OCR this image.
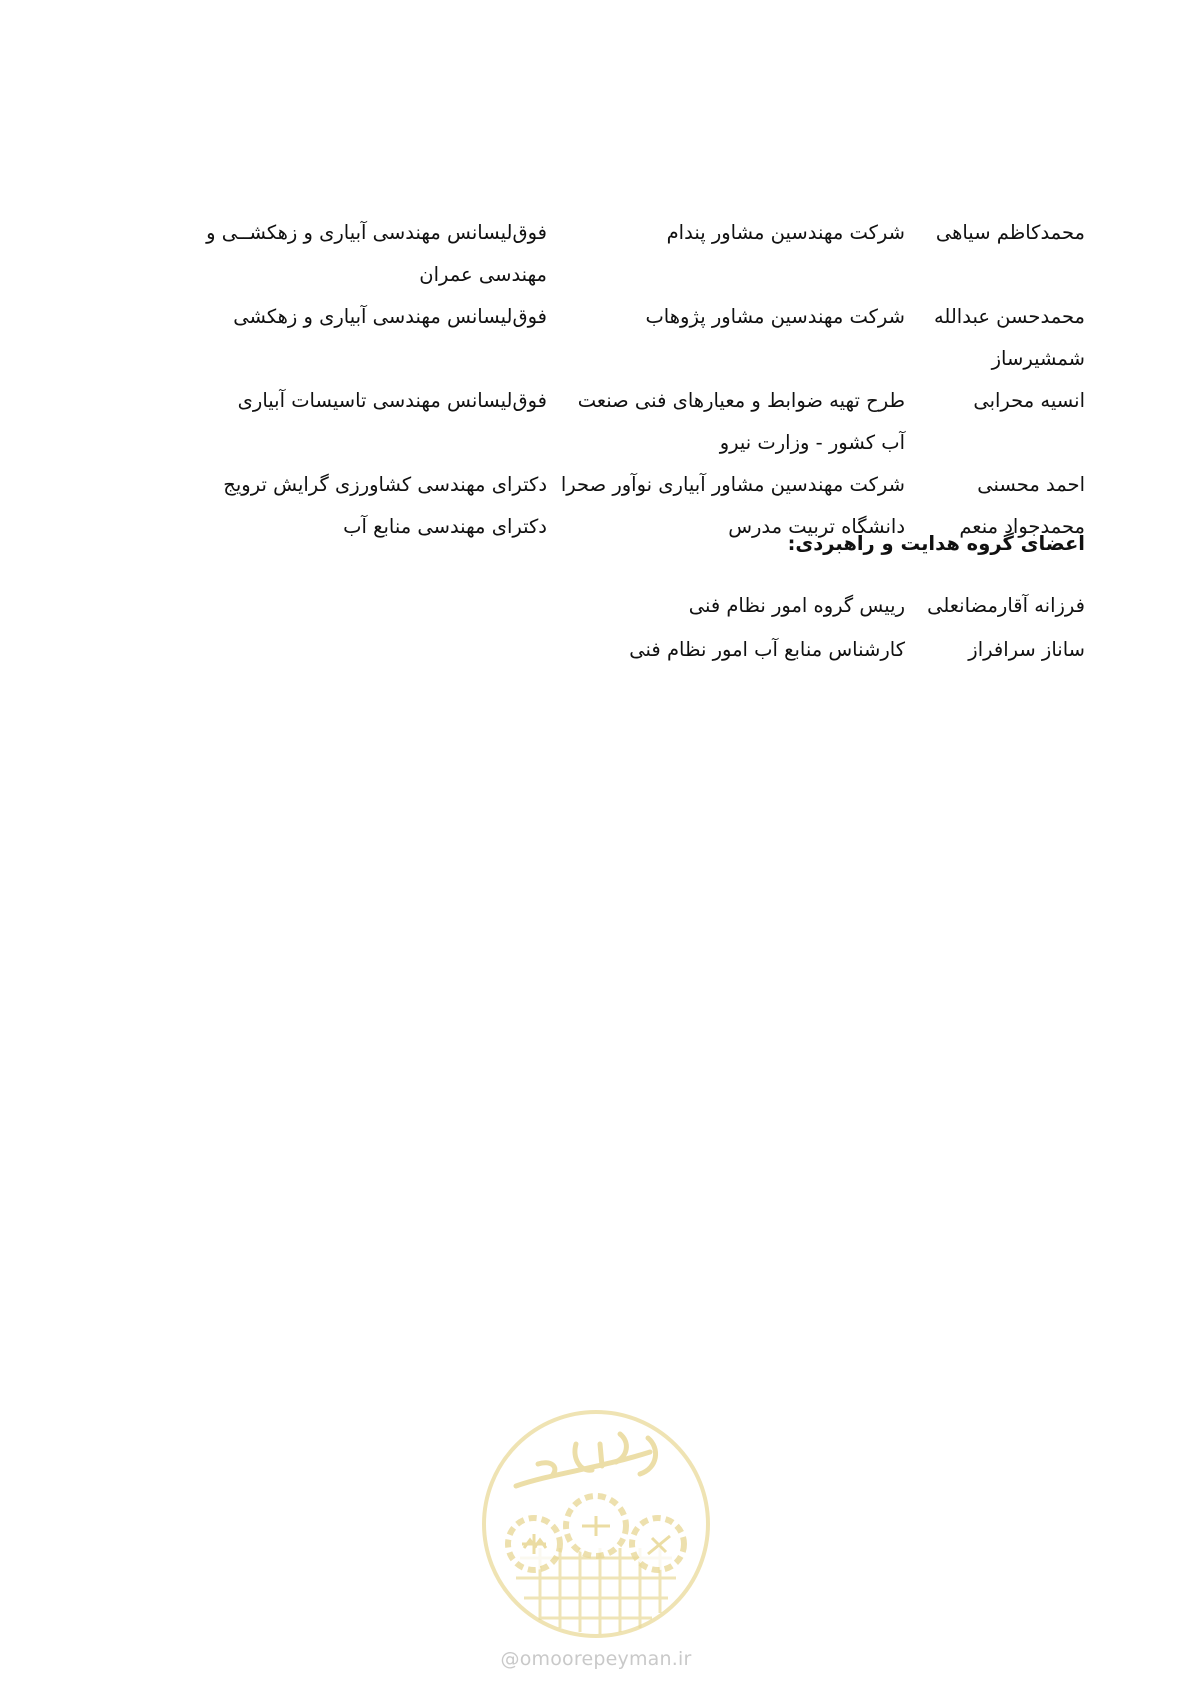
محمدکاظم سیاهی	شرکت مهندسین مشاور پندام	فوق‌لیسانس مهندسی آبیاری و زهکشــی و مهندسی عمران
محمدحسن عبدالله شمشیرساز	شرکت مهندسین مشاور پژوهاب	فوق‌لیسانس مهندسی آبیاری و زهکشی
انسیه محرابی	طرح تهیه ضوابط و معیارهای فنی صنعت آب کشور - وزارت نیرو	فوق‌لیسانس مهندسی تاسیسات آبیاری
احمد محسنی	شرکت مهندسین مشاور آبیاری نوآور صحرا	دکترای مهندسی کشاورزی گرایش ترویج
محمدجواد منعم	دانشگاه تربیت مدرس	دکترای مهندسی منابع آب
اعضای گروه هدایت و راهبردی:
فرزانه آقارمضانعلی	رییس گروه امور نظام فنی
ساناز سرافراز	کارشناس منابع آب امور نظام فنی
@omoorepeyman.ir
